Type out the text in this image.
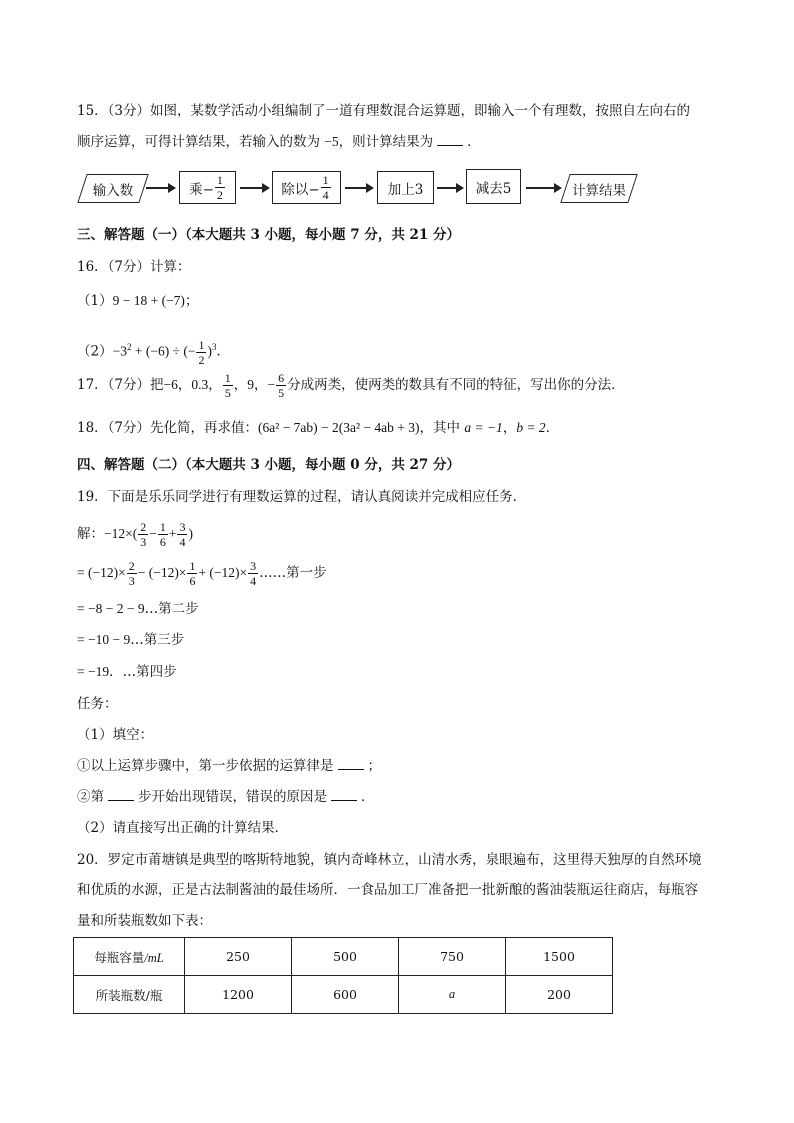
15．（3分）如图，某数学活动小组编制了一道有理数混合运算题，即输入一个有理数，按照自左向右的
顺序运算，可得计算结果，若输入的数为 −5，则计算结果为	．
输入数	乘− $\frac{1}{2}$	除以− $\frac{1}{4}$	加上3	减去5	计算结果
三、解答题（一）（本大题共 3 小题，每小题 7 分，共 21 分）
16．（7分）计算：
（1）9 − 18 + (−7)；
$(2)-3^2 + (-6)$ ÷ (− $\frac{1}{2} )^3$．
17．（7分）把−6，0.3， $\frac{1}{5}$ ，9，− $\frac{6}{5}$ 分成两类，使两类的数具有不同的特征，写出你的分法．
18．（7分）先化简，再求值：(6a² − 7ab) − 2(3a² − 4ab + 3)，其中 a = −1，b = 2．
四、解答题（二）（本大题共 3 小题，每小题 0 分，共 27 分）
19．下面是乐乐同学进行有理数运算的过程，请认真阅读并完成相应任务．
解：$-12\times( \frac{2}{3} - \frac{1}{6} + \frac{3}{4}$ )
= $(-12)\times \frac{2}{3} - (-12)\times \frac{1}{6} + (-12)\times \frac{3}{4}$ ……第一步
= −8 − 2 − 9…第二步
= −10 − 9…第三步
= −19．…第四步
任务：
（1）填空：
①以上运算步骤中，第一步依据的运算律是	；
②第	步开始出现错误，错误的原因是	．
（2）请直接写出正确的计算结果．
20．罗定市莆塘镇是典型的喀斯特地貌，镇内奇峰林立，山清水秀，泉眼遍布，这里得天独厚的自然环境
和优质的水源，正是古法制酱油的最佳场所．一食品加工厂准备把一批新酿的酱油装瓶运往商店，每瓶容
量和所装瓶数如下表：
每瓶容量/mL	250	500	750	1500
所装瓶数/瓶	1200	600	a	200
